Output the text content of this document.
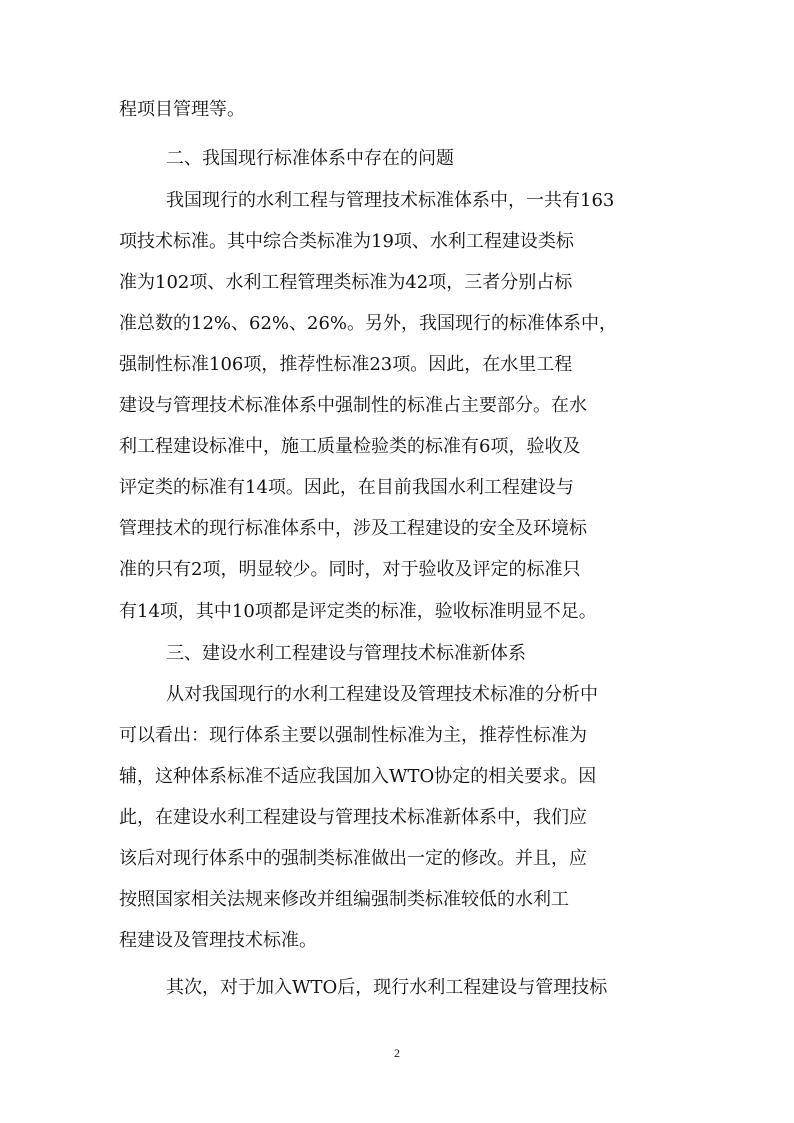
程项目管理等。
二、我国现行标准体系中存在的问题
我国现行的水利工程与管理技术标准体系中，一共有163
项技术标准。其中综合类标准为19项、水利工程建设类标
准为102项、水利工程管理类标准为42项，三者分别占标
准总数的12%、62%、26%。另外，我国现行的标准体系中，
强制性标准106项，推荐性标准23项。因此，在水里工程
建设与管理技术标准体系中强制性的标准占主要部分。在水
利工程建设标准中，施工质量检验类的标准有6项，验收及
评定类的标准有14项。因此，在目前我国水利工程建设与
管理技术的现行标准体系中，涉及工程建设的安全及环境标
准的只有2项，明显较少。同时，对于验收及评定的标准只
有14项，其中10项都是评定类的标准，验收标准明显不足。
三、建设水利工程建设与管理技术标准新体系
从对我国现行的水利工程建设及管理技术标准的分析中
可以看出：现行体系主要以强制性标准为主，推荐性标准为
辅，这种体系标准不适应我国加入WTO协定的相关要求。因
此，在建设水利工程建设与管理技术标准新体系中，我们应
该后对现行体系中的强制类标准做出一定的修改。并且，应
按照国家相关法规来修改并组编强制类标准较低的水利工
程建设及管理技术标准。
其次，对于加入WTO后，现行水利工程建设与管理技标
2
